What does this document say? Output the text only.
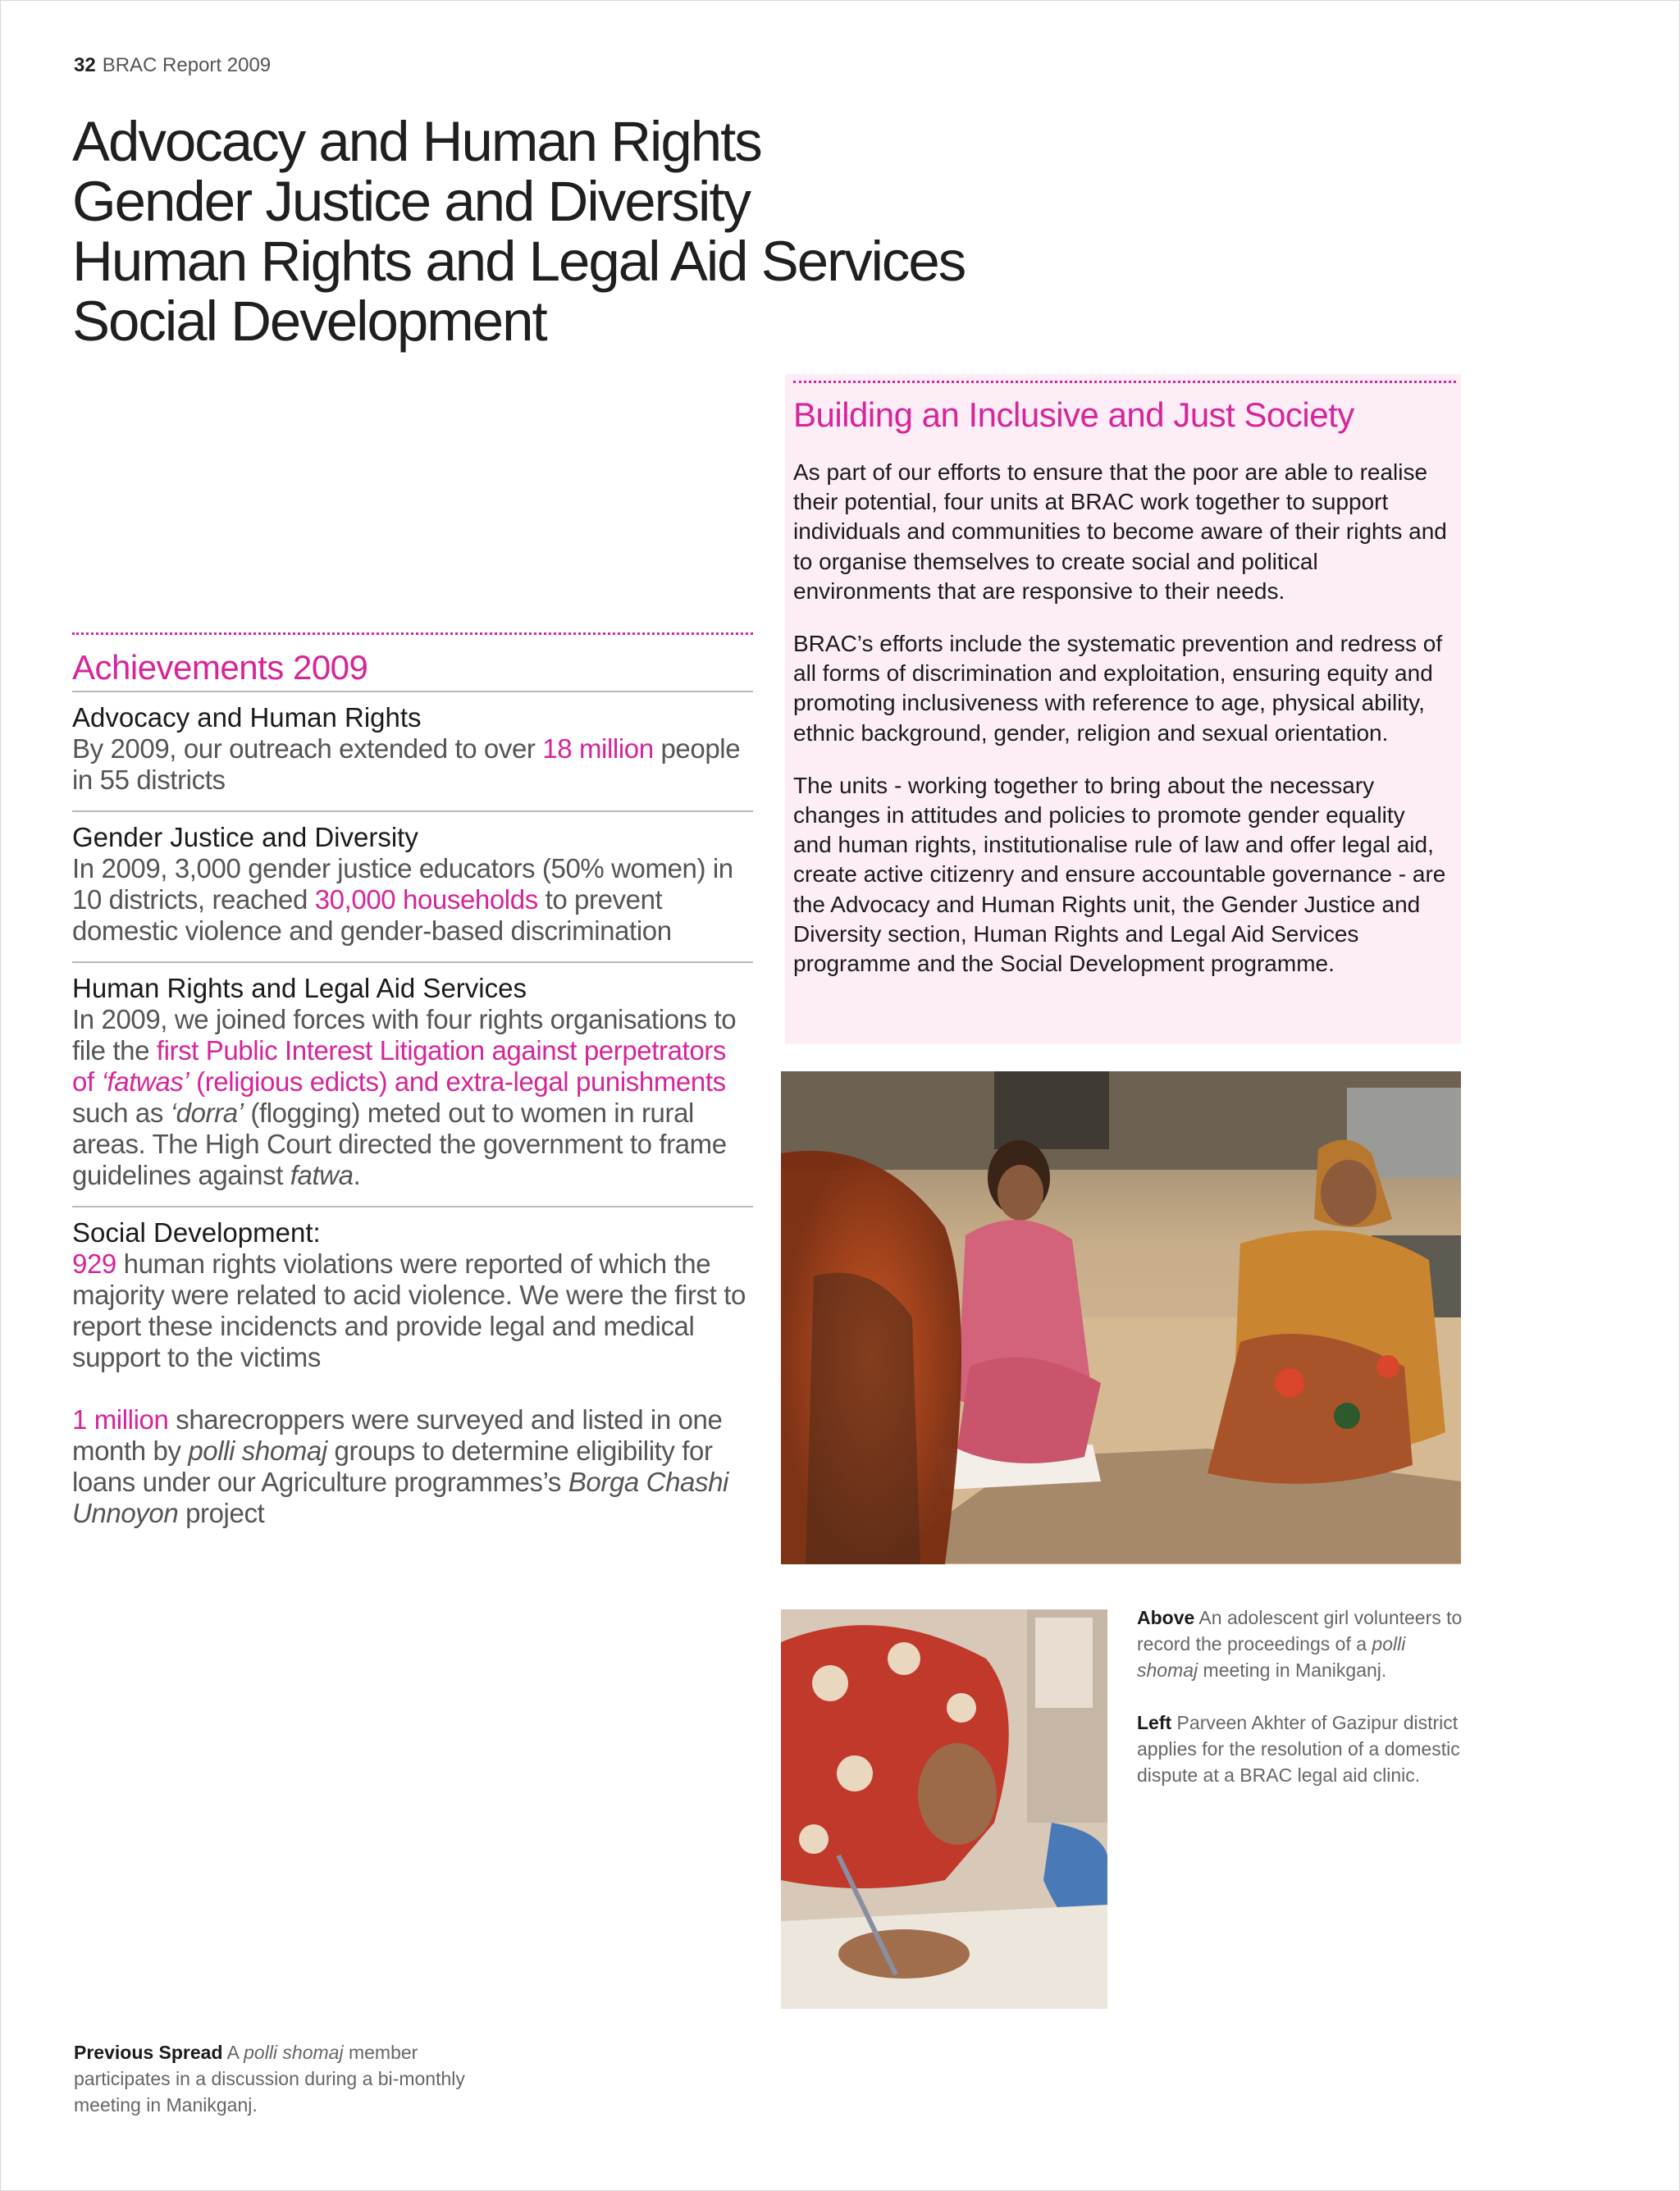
32 BRAC Report 2009
Advocacy and Human Rights
Gender Justice and Diversity
Human Rights and Legal Aid Services
Social Development
Building an Inclusive and Just Society

As part of our efforts to ensure that the poor are able to realise their potential, four units at BRAC work together to support individuals and communities to become aware of their rights and to organise themselves to create social and political environments that are responsive to their needs.

BRAC’s efforts include the systematic prevention and redress of all forms of discrimination and exploitation, ensuring equity and promoting inclusiveness with reference to age, physical ability, ethnic background, gender, religion and sexual orientation.

The units - working together to bring about the necessary changes in attitudes and policies to promote gender equality and human rights, institutionalise rule of law and offer legal aid, create active citizenry and ensure accountable governance - are the Advocacy and Human Rights unit, the Gender Justice and Diversity section, Human Rights and Legal Aid Services programme and the Social Development programme.

Achievements 2009
Advocacy and Human Rights
By 2009, our outreach extended to over 18 million people in 55 districts
Gender Justice and Diversity
In 2009, 3,000 gender justice educators (50% women) in 10 districts, reached 30,000 households to prevent domestic violence and gender-based discrimination
Human Rights and Legal Aid Services
In 2009, we joined forces with four rights organisations to file the first Public Interest Litigation against perpetrators of ‘fatwas’ (religious edicts) and extra-legal punishments such as ‘dorra’ (flogging) meted out to women in rural areas. The High Court directed the government to frame guidelines against fatwa.
Social Development:
929 human rights violations were reported of which the majority were related to acid violence. We were the first to report these incidencts and provide legal and medical support to the victims
1 million sharecroppers were surveyed and listed in one month by polli shomaj groups to determine eligibility for loans under our Agriculture programmes’s Borga Chashi Unnoyon project

Above An adolescent girl volunteers to record the proceedings of a polli shomaj meeting in Manikganj.

Left Parveen Akhter of Gazipur district applies for the resolution of a domestic dispute at a BRAC legal aid clinic.

Previous Spread A polli shomaj member participates in a discussion during a bi-monthly meeting in Manikganj.
